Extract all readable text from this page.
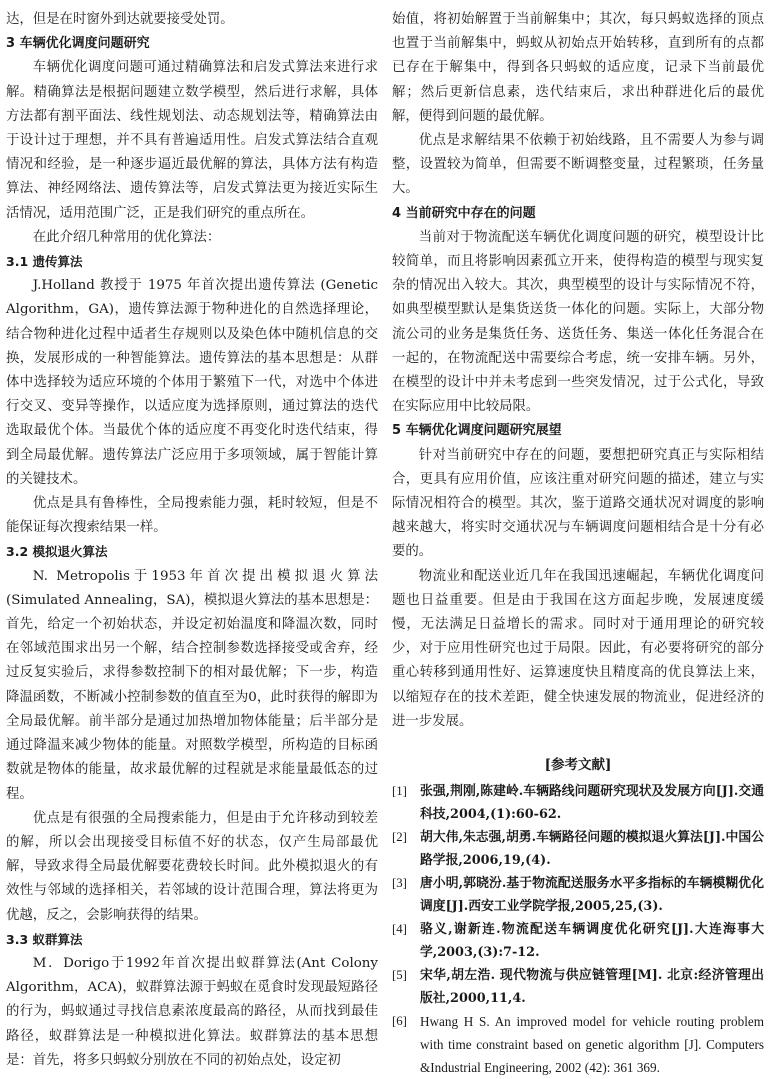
达，但是在时窗外到达就要接受处罚。

3 车辆优化调度问题研究

车辆优化调度问题可通过精确算法和启发式算法来进行求解。精确算法是根据问题建立数学模型，然后进行求解，具体方法都有割平面法、线性规划法、动态规划法等，精确算法由于设计过于理想，并不具有普遍适用性。启发式算法结合直观情况和经验，是一种逐步逼近最优解的算法，具体方法有构造算法、神经网络法、遗传算法等，启发式算法更为接近实际生活情况，适用范围广泛，正是我们研究的重点所在。

在此介绍几种常用的优化算法：

3.1 遗传算法

J.Holland 教授于 1975 年首次提出遗传算法 (Genetic Algorithm，GA)，遗传算法源于物种进化的自然选择理论，结合物种进化过程中适者生存规则以及染色体中随机信息的交换，发展形成的一种智能算法。遗传算法的基本思想是：从群体中选择较为适应环境的个体用于繁殖下一代，对选中个体进行交叉、变异等操作，以适应度为选择原则，通过算法的迭代选取最优个体。当最优个体的适应度不再变化时迭代结束，得到全局最优解。遗传算法广泛应用于多项领域，属于智能计算的关键技术。

优点是具有鲁棒性，全局搜索能力强，耗时较短，但是不能保证每次搜索结果一样。

3.2 模拟退火算法

N. Metropolis于1953年首次提出模拟退火算法(Simulated Annealing，SA)，模拟退火算法的基本思想是：首先，给定一个初始状态，并设定初始温度和降温次数，同时在邻域范围求出另一个解，结合控制参数选择接受或舍弃，经过反复实验后，求得参数控制下的相对最优解；下一步，构造降温函数，不断减小控制参数的值直至为0，此时获得的解即为全局最优解。前半部分是通过加热增加物体能量；后半部分是通过降温来减少物体的能量。对照数学模型，所构造的目标函数就是物体的能量，故求最优解的过程就是求能量最低态的过程。

优点是有很强的全局搜索能力，但是由于允许移动到较差的解，所以会出现接受目标值不好的状态，仅产生局部最优解，导致求得全局最优解要花费较长时间。此外模拟退火的有效性与邻域的选择相关，若邻域的设计范围合理，算法将更为优越，反之，会影响获得的结果。

3.3 蚁群算法

M．Dorigo于1992年首次提出蚁群算法(Ant Colony Algorithm，ACA)，蚁群算法源于蚂蚁在觅食时发现最短路径的行为，蚂蚁通过寻找信息素浓度最高的路径，从而找到最佳路径，蚁群算法是一种模拟进化算法。蚁群算法的基本思想是：首先，将多只蚂蚁分别放在不同的初始点处，设定初

始值，将初始解置于当前解集中；其次，每只蚂蚁选择的顶点也置于当前解集中，蚂蚁从初始点开始转移，直到所有的点都已存在于解集中，得到各只蚂蚁的适应度，记录下当前最优解；然后更新信息素，迭代结束后，求出种群进化后的最优解，便得到问题的最优解。

优点是求解结果不依赖于初始线路，且不需要人为参与调整，设置较为简单，但需要不断调整变量，过程繁琐，任务量大。

4 当前研究中存在的问题

当前对于物流配送车辆优化调度问题的研究，模型设计比较简单，而且将影响因素孤立开来，使得构造的模型与现实复杂的情况出入较大。其次，典型模型的设计与实际情况不符，如典型模型默认是集货送货一体化的问题。实际上，大部分物流公司的业务是集货任务、送货任务、集送一体化任务混合在一起的，在物流配送中需要综合考虑，统一安排车辆。另外，在模型的设计中并未考虑到一些突发情况，过于公式化，导致在实际应用中比较局限。

5 车辆优化调度问题研究展望

针对当前研究中存在的问题，要想把研究真正与实际相结合，更具有应用价值，应该注重对研究问题的描述，建立与实际情况相符合的模型。其次，鉴于道路交通状况对调度的影响越来越大，将实时交通状况与车辆调度问题相结合是十分有必要的。

物流业和配送业近几年在我国迅速崛起，车辆优化调度问题也日益重要。但是由于我国在这方面起步晚，发展速度缓慢，无法满足日益增长的需求。同时对于通用理论的研究较少，对于应用性研究也过于局限。因此，有必要将研究的部分重心转移到通用性好、运算速度快且精度高的优良算法上来，以缩短存在的技术差距，健全快速发展的物流业，促进经济的进一步发展。

[参考文献]
[1]	张强,荆刚,陈建岭.车辆路线问题研究现状及发展方向[J].交通科技,2004,(1):60-62.
[2]	胡大伟,朱志强,胡勇.车辆路径问题的模拟退火算法[J].中国公路学报,2006,19,(4).
[3]	唐小明,郭晓汾.基于物流配送服务水平多指标的车辆模糊优化调度[J].西安工业学院学报,2005,25,(3).
[4]	骆义,谢新连.物流配送车辆调度优化研究[J].大连海事大学,2003,(3):7-12.
[5]	宋华,胡左浩. 现代物流与供应链管理[M]. 北京:经济管理出版社,2000,11,4.
[6] Hwang H S. An improved model for vehicle routing problem with time constraint based on genetic algorithm [J]. Computers &Industrial Engineering, 2002 (42): 361 369.
